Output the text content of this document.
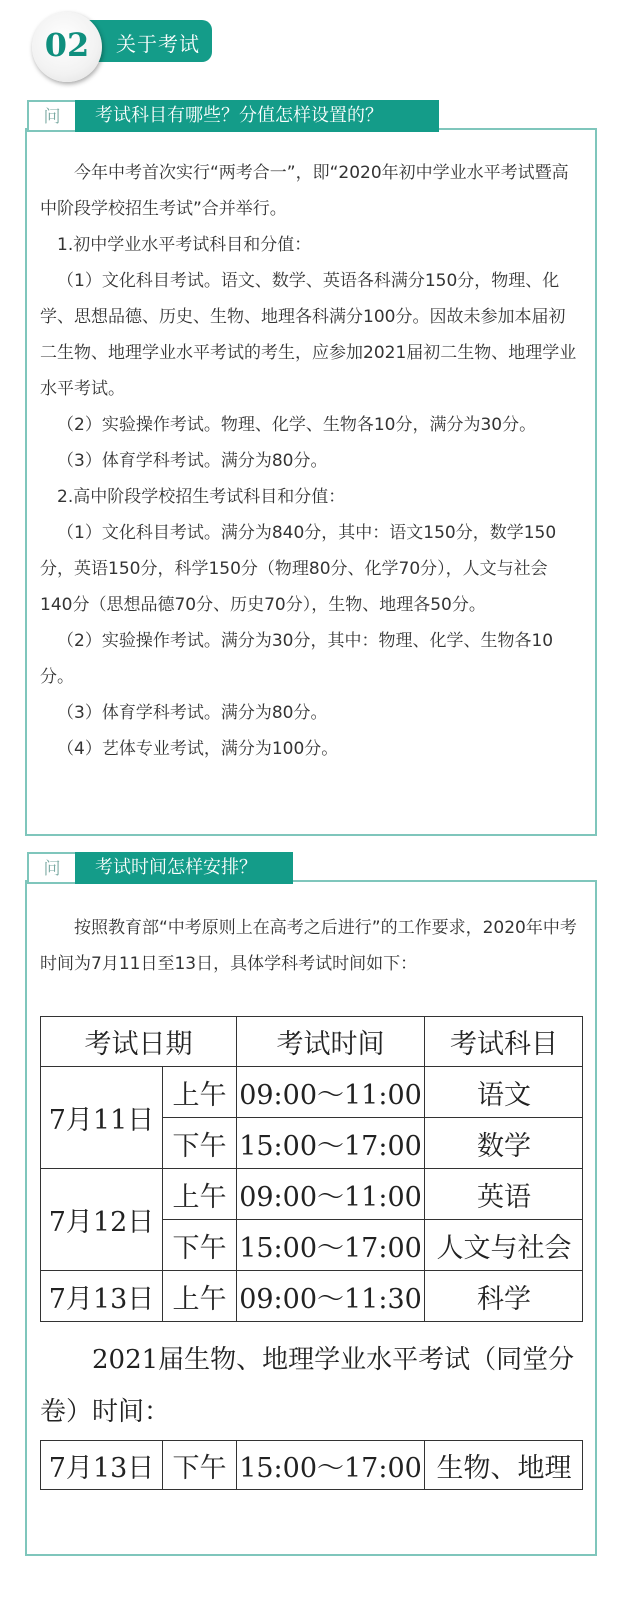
关于考试
02
问	考试科目有哪些？分值怎样设置的？

今年中考首次实行“两考合一”，即“2020年初中学业水平考试暨高中阶段学校招生考试”合并举行。

1.初中学业水平考试科目和分值：

（1）文化科目考试。语文、数学、英语各科满分150分，物理、化学、思想品德、历史、生物、地理各科满分100分。因故未参加本届初二生物、地理学业水平考试的考生，应参加2021届初二生物、地理学业水平考试。

（2）实验操作考试。物理、化学、生物各10分，满分为30分。

（3）体育学科考试。满分为80分。

2.高中阶段学校招生考试科目和分值：

（1）文化科目考试。满分为840分，其中：语文150分，数学150分，英语150分，科学150分（物理80分、化学70分），人文与社会140分（思想品德70分、历史70分），生物、地理各50分。

（2）实验操作考试。满分为30分，其中：物理、化学、生物各10分。

（3）体育学科考试。满分为80分。

（4）艺体专业考试，满分为100分。

问	考试时间怎样安排？

按照教育部“中考原则上在高考之后进行”的工作要求，2020年中考时间为7月11日至13日，具体学科考试时间如下：

考试日期	考试时间	考试科目
7月11日
上午 09:00～11:00	语文
下午 15:00～17:00	数学
7月12日
上午 09:00～11:00	英语
下午 15:00～17:00 人文与社会
7月13日 上午 09:00～11:30	科学

2021届生物、地理学业水平考试（同堂分卷）时间：

7月13日 下午 15:00～17:00 生物、地理
